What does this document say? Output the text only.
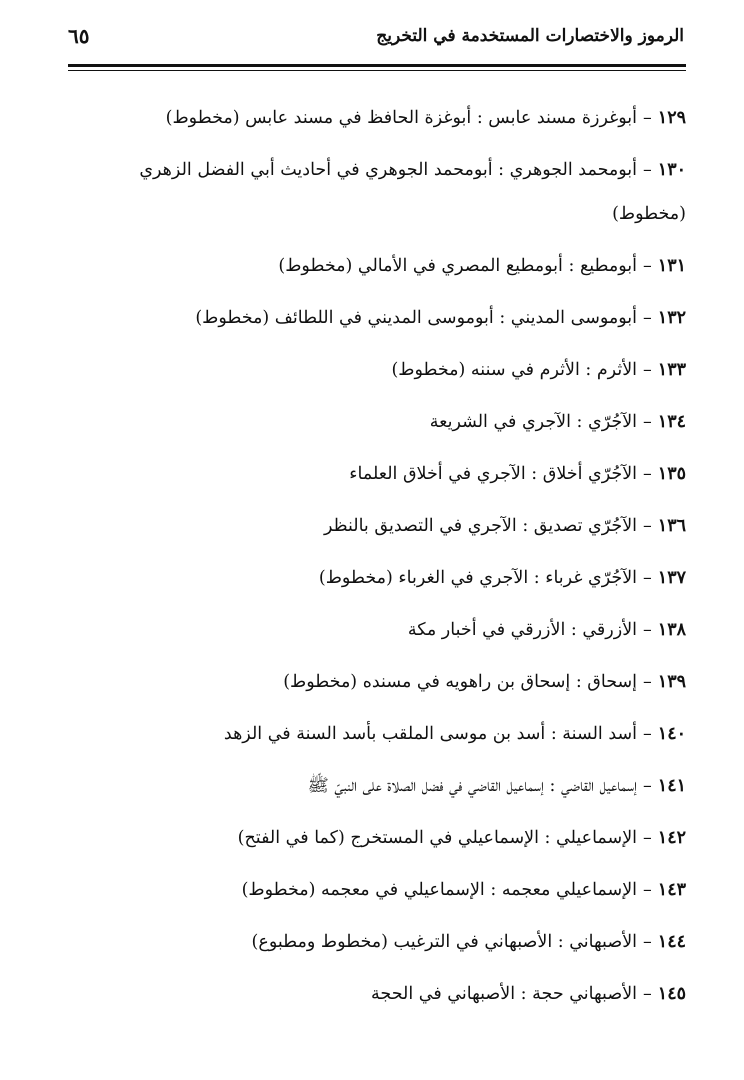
الرموز والاختصارات المستخدمة في التخريج
٦٥
١٢٩–أبوغرزة مسند عابس : أبوغزة الحافظ في مسند عابس (مخطوط)
١٣٠–أبومحمد الجوهري : أبومحمد الجوهري في أحاديث أبي الفضل الزهري (مخطوط)
١٣١–أبومطيع : أبومطيع المصري في الأمالي (مخطوط)
١٣٢–أبوموسى المديني : أبوموسى المديني في اللطائف (مخطوط)
١٣٣–الأثرم : الأثرم في سننه (مخطوط)
١٣٤–الآجُرّي : الآجري في الشريعة
١٣٥–الآجُرّي أخلاق : الآجري في أخلاق العلماء
١٣٦–الآجُرّي تصديق : الآجري في التصديق بالنظر
١٣٧–الآجُرّي غرباء : الآجري في الغرباء (مخطوط)
١٣٨–الأزرقي : الأزرقي في أخبار مكة
١٣٩–إسحاق : إسحاق بن راهويه في مسنده (مخطوط)
١٤٠–أسد السنة : أسد بن موسى الملقب بأسد السنة في الزهد
١٤١–إسماعيل القاضي : إسماعيل القاضي في فضل الصلاة على النبيّ ﷺ
١٤٢–الإسماعيلي : الإسماعيلي في المستخرج (كما في الفتح)
١٤٣–الإسماعيلي معجمه : الإسماعيلي في معجمه (مخطوط)
١٤٤–الأصبهاني : الأصبهاني في الترغيب (مخطوط ومطبوع)
١٤٥–الأصبهاني حجة : الأصبهاني في الحجة
